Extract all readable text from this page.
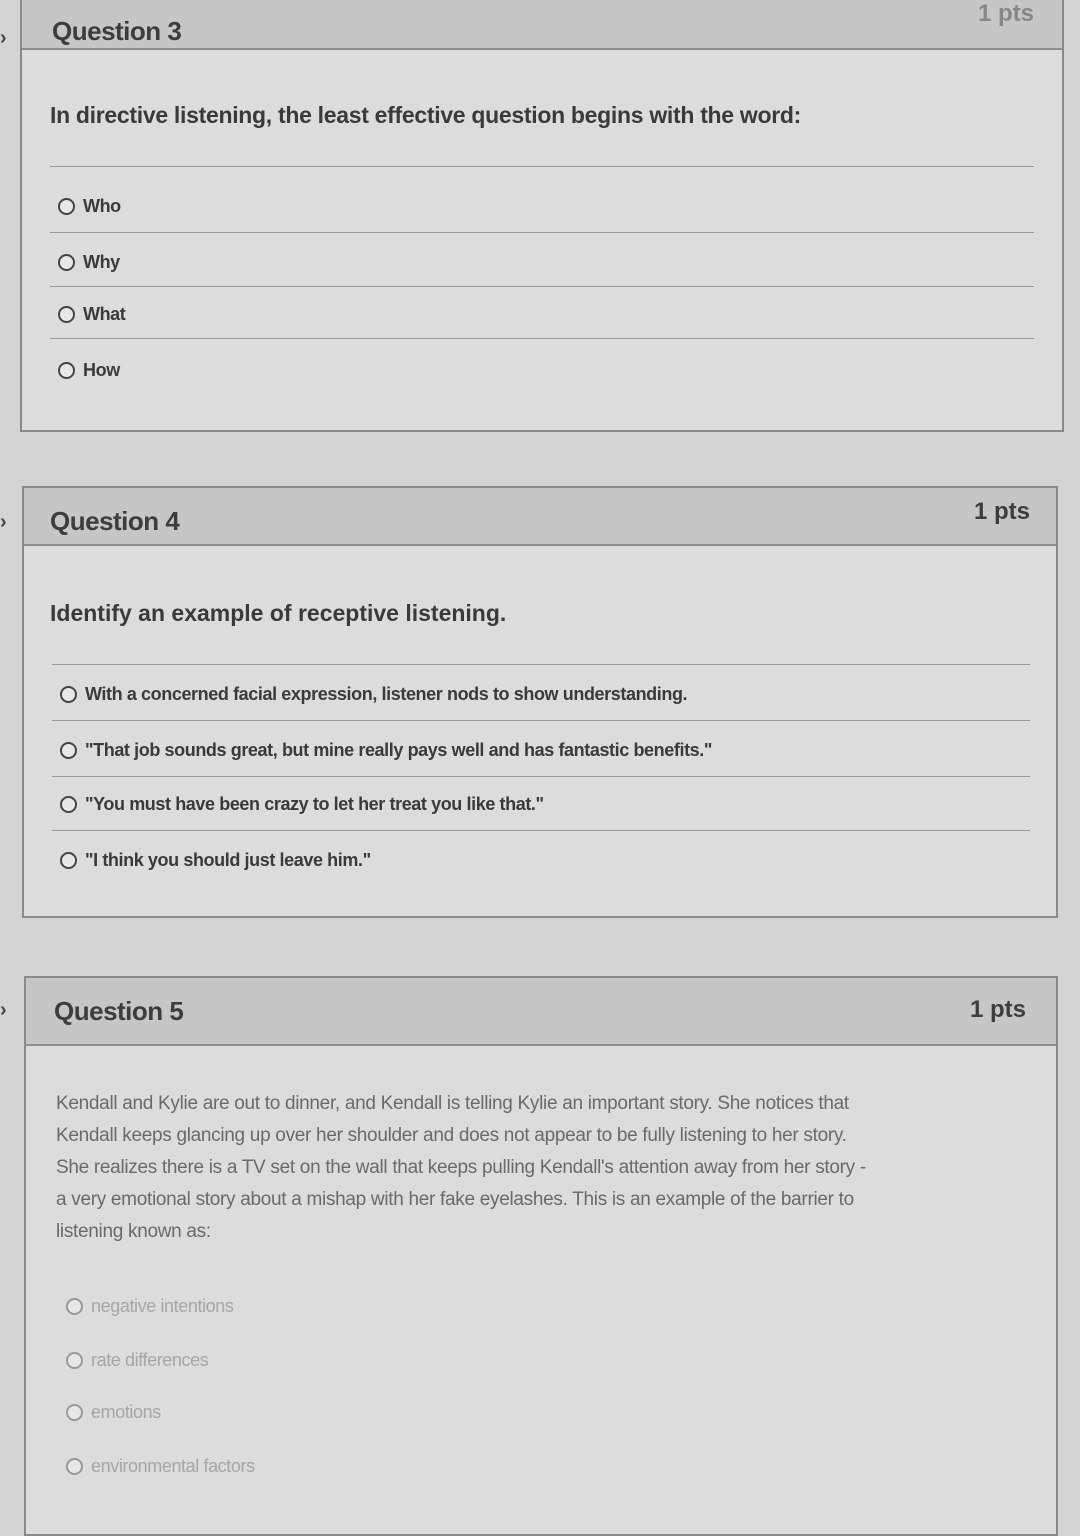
›
›
›
Question 3
1 pts
In directive listening, the least effective question begins with the word:
Who
Why
What
How
Question 4	1 pts
Identify an example of receptive listening.
With a concerned facial expression, listener nods to show understanding.
"That job sounds great, but mine really pays well and has fantastic benefits."
"You must have been crazy to let her treat you like that."
"I think you should just leave him."
Question 5	1 pts
Kendall and Kylie are out to dinner, and Kendall is telling Kylie an important story. She notices that
Kendall keeps glancing up over her shoulder and does not appear to be fully listening to her story.
She realizes there is a TV set on the wall that keeps pulling Kendall's attention away from her story -
a very emotional story about a mishap with her fake eyelashes. This is an example of the barrier to
listening known as:
negative intentions
rate differences
emotions
environmental factors
